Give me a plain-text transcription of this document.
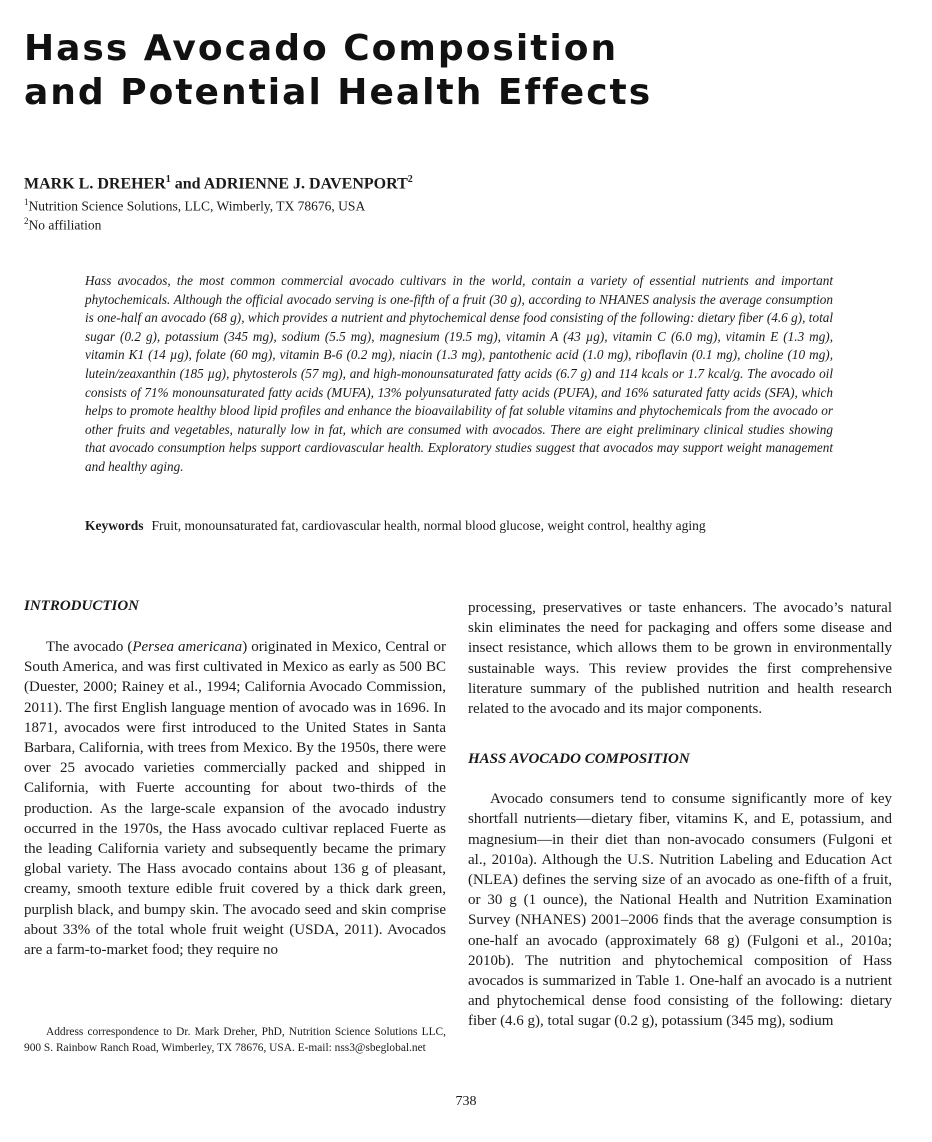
Hass Avocado Composition
and Potential Health Effects
MARK L. DREHER$^1$ and ADRIENNE J. DAVENPORT$^2$
$^1$Nutrition Science Solutions, LLC, Wimberly, TX 78676, USA
$^2$No affiliation

Hass avocados, the most common commercial avocado cultivars in the world, contain a variety of essential nutrients and important phytochemicals. Although the official avocado serving is one-fifth of a fruit (30 g), according to NHANES analysis the average consumption is one-half an avocado (68 g), which provides a nutrient and phytochemical dense food consisting of the following: dietary fiber (4.6 g), total sugar (0.2 g), potassium (345 mg), sodium (5.5 mg), magnesium (19.5 mg), vitamin A (43 µg), vitamin C (6.0 mg), vitamin E (1.3 mg), vitamin K1 (14 µg), folate (60 mg), vitamin B-6 (0.2 mg), niacin (1.3 mg), pantothenic acid (1.0 mg), riboflavin (0.1 mg), choline (10 mg), lutein/zeaxanthin (185 µg), phytosterols (57 mg), and high-monounsaturated fatty acids (6.7 g) and 114 kcals or 1.7 kcal/g. The avocado oil consists of 71% monounsaturated fatty acids (MUFA), 13% polyunsaturated fatty acids (PUFA), and 16% saturated fatty acids (SFA), which helps to promote healthy blood lipid profiles and enhance the bioavailability of fat soluble vitamins and phytochemicals from the avocado or other fruits and vegetables, naturally low in fat, which are consumed with avocados. There are eight preliminary clinical studies showing that avocado consumption helps support cardiovascular health. Exploratory studies suggest that avocados may support weight management and healthy aging.

Keywords Fruit, monounsaturated fat, cardiovascular health, normal blood glucose, weight control, healthy aging

INTRODUCTION

The avocado (Persea americana) originated in Mexico, Central or South America, and was first cultivated in Mexico as early as 500 BC (Duester, 2000; Rainey et al., 1994; California Avocado Commission, 2011). The first English language mention of avocado was in 1696. In 1871, avocados were first introduced to the United States in Santa Barbara, California, with trees from Mexico. By the 1950s, there were over 25 avocado varieties commercially packed and shipped in California, with Fuerte accounting for about two-thirds of the production. As the large-scale expansion of the avocado industry occurred in the 1970s, the Hass avocado cultivar replaced Fuerte as the leading California variety and subsequently became the primary global variety. The Hass avocado contains about 136 g of pleasant, creamy, smooth texture edible fruit covered by a thick dark green, purplish black, and bumpy skin. The avocado seed and skin comprise about 33% of the total whole fruit weight (USDA, 2011). Avocados are a farm-to-market food; they require no

processing, preservatives or taste enhancers. The avocado’s natural skin eliminates the need for packaging and offers some disease and insect resistance, which allows them to be grown in environmentally sustainable ways. This review provides the first comprehensive literature summary of the published nutrition and health research related to the avocado and its major components.

HASS AVOCADO COMPOSITION

Avocado consumers tend to consume significantly more of key shortfall nutrients—dietary fiber, vitamins K, and E, potassium, and magnesium—in their diet than non-avocado consumers (Fulgoni et al., 2010a). Although the U.S. Nutrition Labeling and Education Act (NLEA) defines the serving size of an avocado as one-fifth of a fruit, or 30 g (1 ounce), the National Health and Nutrition Examination Survey (NHANES) 2001–2006 finds that the average consumption is one-half an avocado (approximately 68 g) (Fulgoni et al., 2010a; 2010b). The nutrition and phytochemical composition of Hass avocados is summarized in Table 1. One-half an avocado is a nutrient and phytochemical dense food consisting of the following: dietary fiber (4.6 g), total sugar (0.2 g), potassium (345 mg), sodium

Address correspondence to Dr. Mark Dreher, PhD, Nutrition Science Solutions LLC, 900 S. Rainbow Ranch Road, Wimberley, TX 78676, USA. E-mail: nss3@sbeglobal.net

738
